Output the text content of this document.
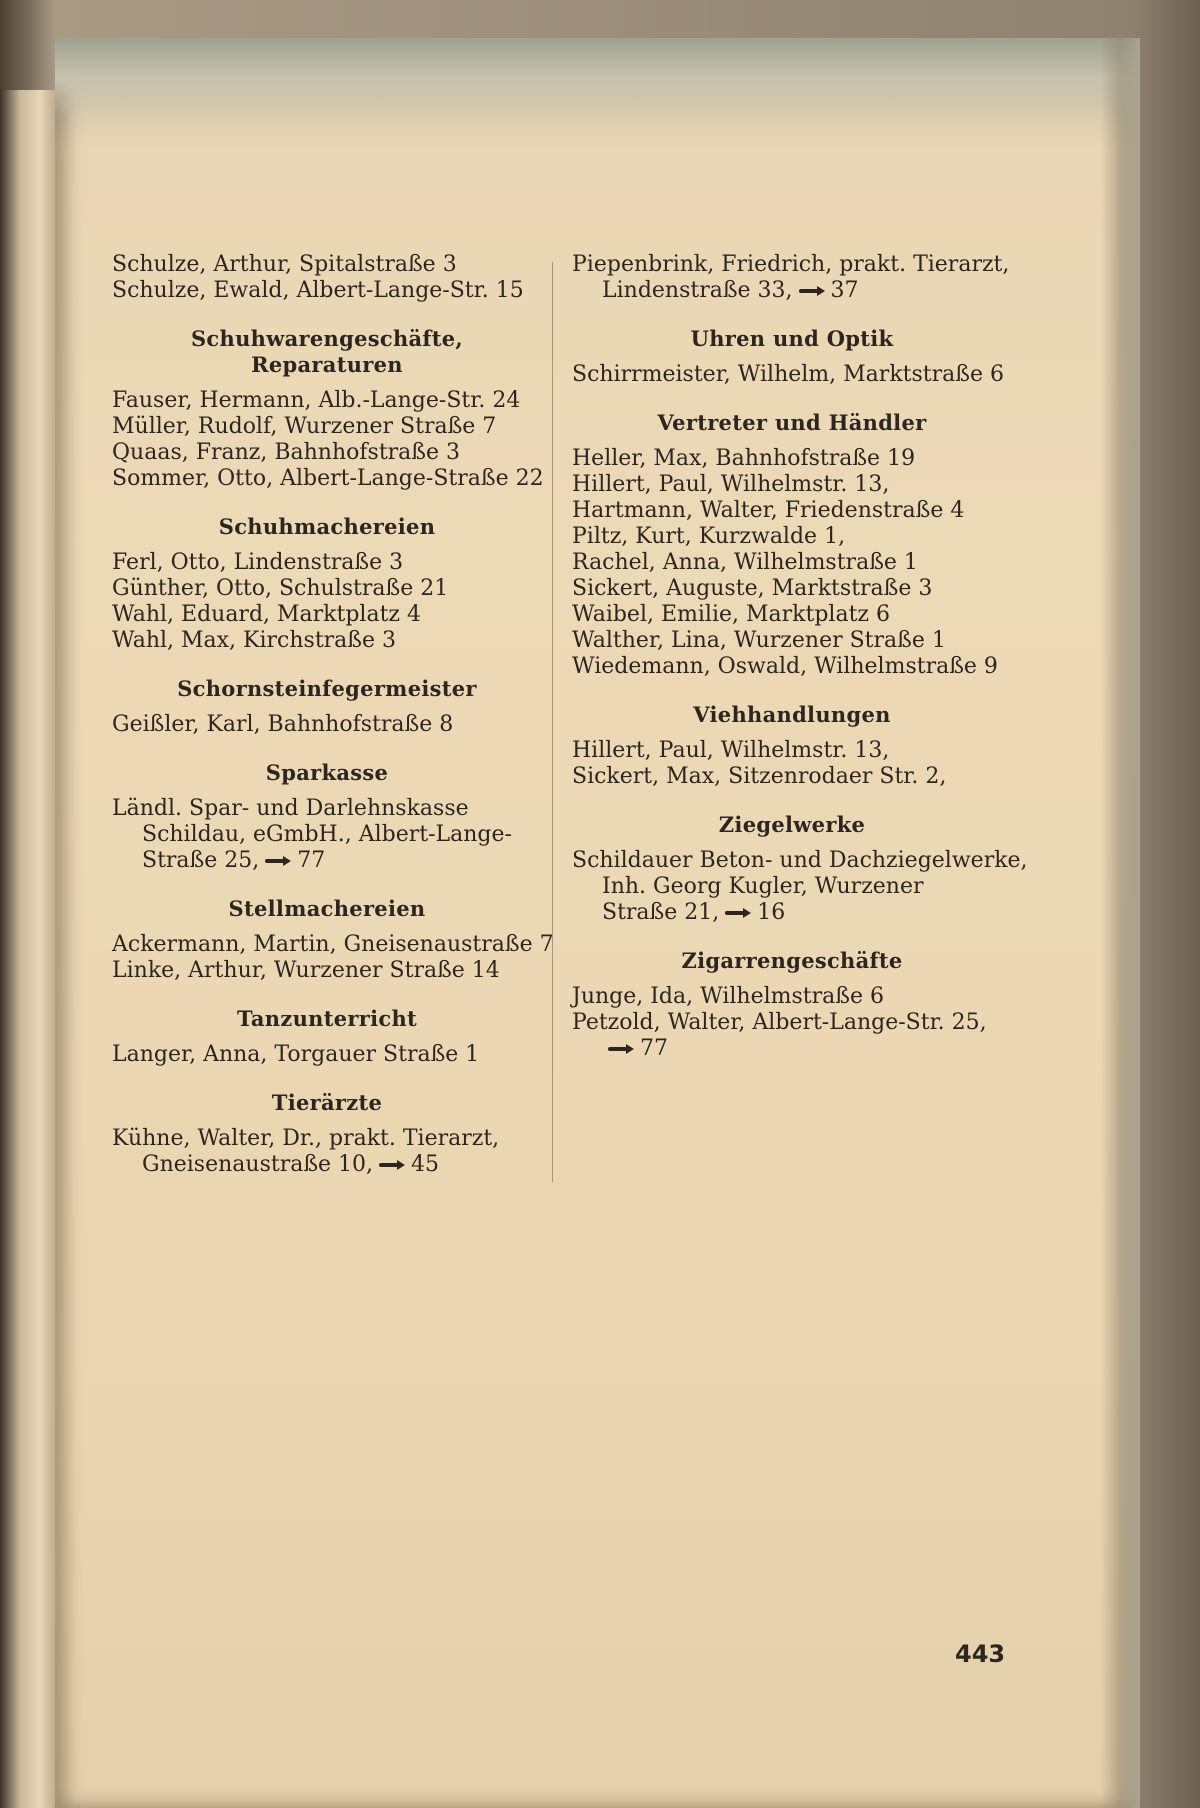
Schulze, Arthur, Spitalstraße 3

Schulze, Ewald, Albert-Lange-Str. 15

Schuhwarengeschäfte, Reparaturen

Fauser, Hermann, Alb.-Lange-Str. 24

Müller, Rudolf, Wurzener Straße 7

Quaas, Franz, Bahnhofstraße 3

Sommer, Otto, Albert-Lange-Straße 22

Schuhmachereien

Ferl, Otto, Lindenstraße 3

Günther, Otto, Schulstraße 21

Wahl, Eduard, Marktplatz 4

Wahl, Max, Kirchstraße 3

Schornsteinfegermeister

Geißler, Karl, Bahnhofstraße 8

Sparkasse

Ländl. Spar- und Darlehnskasse
Schildau, eGmbH., Albert-Lange-
Straße 25, 77

Stellmachereien

Ackermann, Martin, Gneisenaustraße 7

Linke, Arthur, Wurzener Straße 14

Tanzunterricht

Langer, Anna, Torgauer Straße 1

Tierärzte

Kühne, Walter, Dr., prakt. Tierarzt,
Gneisenaustraße 10, 45

Piepenbrink, Friedrich, prakt. Tierarzt,
Lindenstraße 33, 37

Uhren und Optik

Schirrmeister, Wilhelm, Marktstraße 6

Vertreter und Händler

Heller, Max, Bahnhofstraße 19

Hillert, Paul, Wilhelmstr. 13,

Hartmann, Walter, Friedenstraße 4

Piltz, Kurt, Kurzwalde 1,

Rachel, Anna, Wilhelmstraße 1

Sickert, Auguste, Marktstraße 3

Waibel, Emilie, Marktplatz 6

Walther, Lina, Wurzener Straße 1

Wiedemann, Oswald, Wilhelmstraße 9

Viehhandlungen

Hillert, Paul, Wilhelmstr. 13,

Sickert, Max, Sitzenrodaer Str. 2,

Ziegelwerke

Schildauer Beton- und Dachziegelwerke,
Inh. Georg Kugler, Wurzener
Straße 21, 16

Zigarrengeschäfte

Junge, Ida, Wilhelmstraße 6

Petzold, Walter, Albert-Lange-Str. 25,
77

443
